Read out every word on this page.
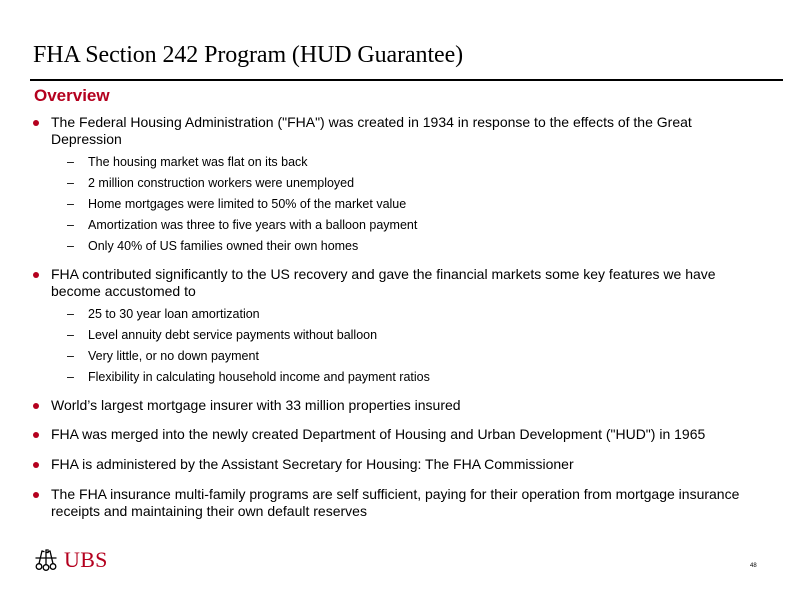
FHA Section 242 Program (HUD Guarantee)
Overview
The Federal Housing Administration ("FHA") was created in 1934 in response to the effects of the Great Depression
– The housing market was flat on its back
– 2 million construction workers were unemployed
– Home mortgages were limited to 50% of the market value
– Amortization was three to five years with a balloon payment
– Only 40% of US families owned their own homes
FHA contributed significantly to the US recovery and gave the financial markets some key features we have become accustomed to
– 25 to 30 year loan amortization
– Level annuity debt service payments without balloon
– Very little, or no down payment
– Flexibility in calculating household income and payment ratios
World’s largest mortgage insurer with 33 million properties insured
FHA was merged into the newly created Department of Housing and Urban Development ("HUD") in 1965
FHA is administered by the Assistant Secretary for Housing: The FHA Commissioner
The FHA insurance multi-family programs are self sufficient, paying for their operation from mortgage insurance receipts and maintaining their own default reserves
UBS	48
